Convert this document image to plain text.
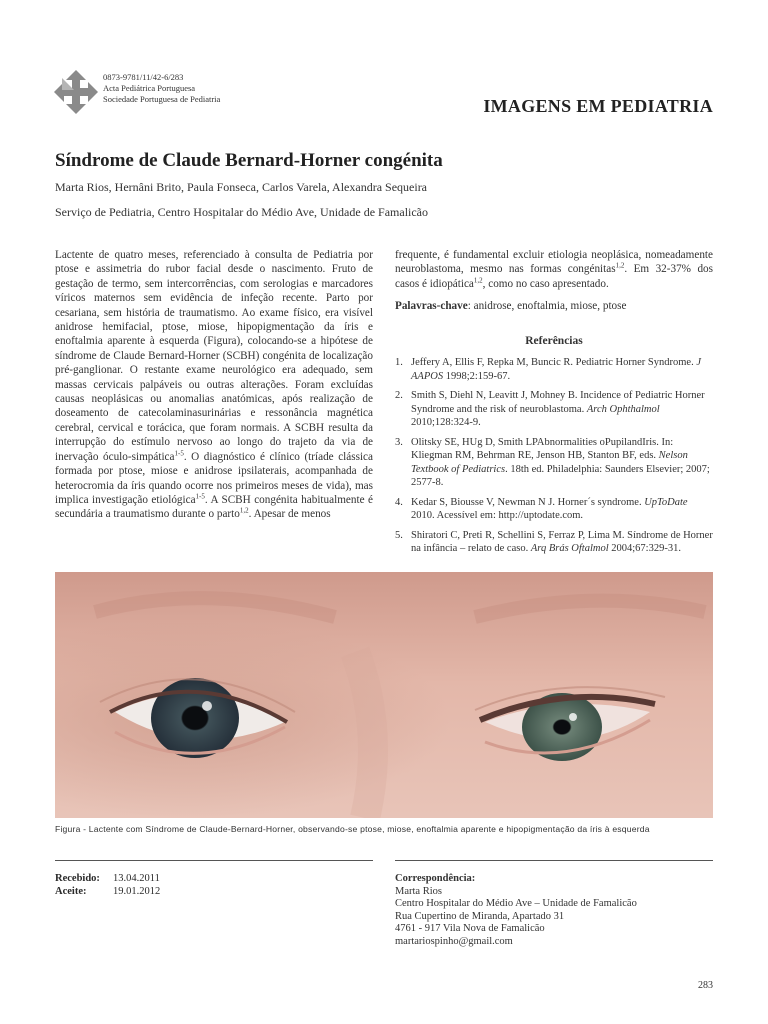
0873-9781/11/42-6/283
Acta Pediátrica Portuguesa
Sociedade Portuguesa de Pediatria	IMAGENS EM PEDIATRIA
Síndrome de Claude Bernard-Horner congénita
Marta Rios, Hernâni Brito, Paula Fonseca, Carlos Varela, Alexandra Sequeira
Serviço de Pediatria, Centro Hospitalar do Médio Ave, Unidade de Famalicão

Lactente de quatro meses, referenciado à consulta de Pediatria por ptose e assimetria do rubor facial desde o nascimento. Fruto de gestação de termo, sem intercorrências, com serologias e marcadores víricos maternos sem evidência de infeção recente. Parto por cesariana, sem história de traumatismo. Ao exame físico, era visível anidrose hemifacial, ptose, miose, hipopigmentação da íris e enoftalmia aparente à esquerda (Figura), colocando-se a hipótese de síndrome de Claude Bernard-Horner (SCBH) congénita de localização pré-ganglionar. O restante exame neurológico era adequado, sem massas cervicais palpáveis ou outras alterações. Foram excluídas causas neoplásicas ou anomalias anatómicas, após realização de doseamento de catecolaminasurinárias e ressonância magnética cerebral, cervical e torácica, que foram normais. A SCBH resulta da interrupção do estímulo nervoso ao longo do trajeto da via de inervação óculo-simpática$^{1-5}$. O diagnóstico é clínico (tríade clássica formada por ptose, miose e anidrose ipsilaterais, acompanhada de heterocromia da íris quando ocorre nos primeiros meses de vida), mas implica investigação etiológica$^{1-5}$. A SCBH congénita habitualmente é secundária a traumatismo durante o parto$^{1,2}$. Apesar de menos

frequente, é fundamental excluir etiologia neoplásica, nomeadamente neuroblastoma, mesmo nas formas congénitas$^{1,2}$. Em 32-37% dos casos é idiopática$^{1,2}$, como no caso apresentado.

Palavras-chave: anidrose, enoftalmia, miose, ptose

Referências

1. Jeffery A, Ellis F, Repka M, Buncic R. Pediatric Horner Syndrome. J AAPOS 1998;2:159-67.
2. Smith S, Diehl N, Leavitt J, Mohney B. Incidence of Pediatric Horner Syndrome and the risk of neuroblastoma. Arch Ophthalmol 2010;128:324-9.
3. Olitsky SE, HUg D, Smith LPAbnormalities oPupilandIris. In: Kliegman RM, Behrman RE, Jenson HB, Stanton BF, eds. Nelson Textbook of Pediatrics. 18th ed. Philadelphia: Saunders Elsevier; 2007; 2577-8.
4. Kedar S, Biousse V, Newman N J. Horner´s syndrome. UpToDate 2010. Acessível em: http://uptodate.com.
5. Shiratori C, Preti R, Schellini S, Ferraz P, Lima M. Síndrome de Horner na infância – relato de caso. Arq Brás Oftalmol 2004;67:329-31.
Figura - Lactente com Síndrome de Claude-Bernard-Horner, observando-se ptose, miose, enoftalmia aparente e hipopigmentação da íris à esquerda
Recebido: 13.04.2011
Aceite:	19.01.2012
Correspondência:
Marta Rios
Centro Hospitalar do Médio Ave – Unidade de Famalicão
Rua Cupertino de Miranda, Apartado 31
4761 - 917 Vila Nova de Famalicão
martariospinho@gmail.com
283
